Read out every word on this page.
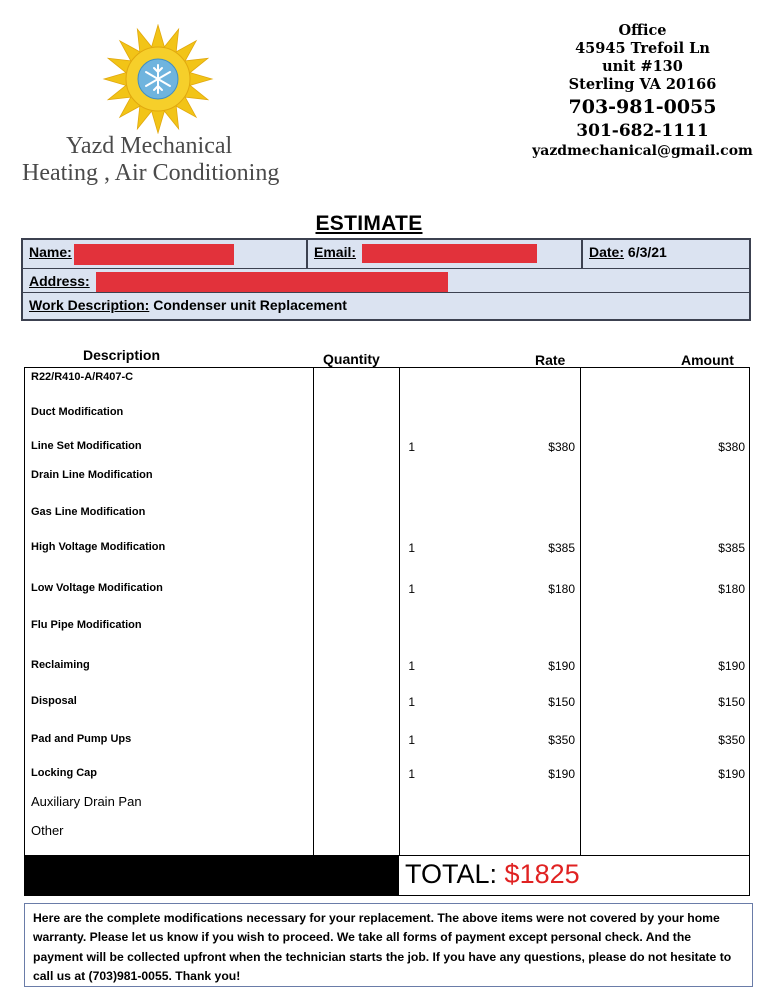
Yazd Mechanical
Heating , Air Conditioning
Office
45945 Trefoil Ln
unit #130
Sterling VA 20166
703-981-0055
301-682-1111
yazdmechanical@gmail.com
ESTIMATE
Name:	Email:	Date: 6/3/21
Address:
Work Description: Condenser unit Replacement
Description	Quantity	Rate	Amount
R22/R410-A/R407-C
Duct Modification
Line Set Modification	1	$380	$380
Drain Line Modification
Gas Line Modification
High Voltage Modification	1	$385	$385
Low Voltage Modification	1	$180	$180
Flu Pipe Modification
Reclaiming	1	$190	$190
Disposal	1	$150	$150
Pad and Pump Ups	1	$350	$350
Locking Cap	1	$190	$190
Auxiliary Drain Pan
Other
TOTAL: $1825
Here are the complete modifications necessary for your replacement. The above items were not covered by your home warranty. Please let us know if you wish to proceed. We take all forms of payment except personal check. And the payment will be collected upfront when the technician starts the job. If you have any questions, please do not hesitate to call us at (703)981-0055. Thank you!
